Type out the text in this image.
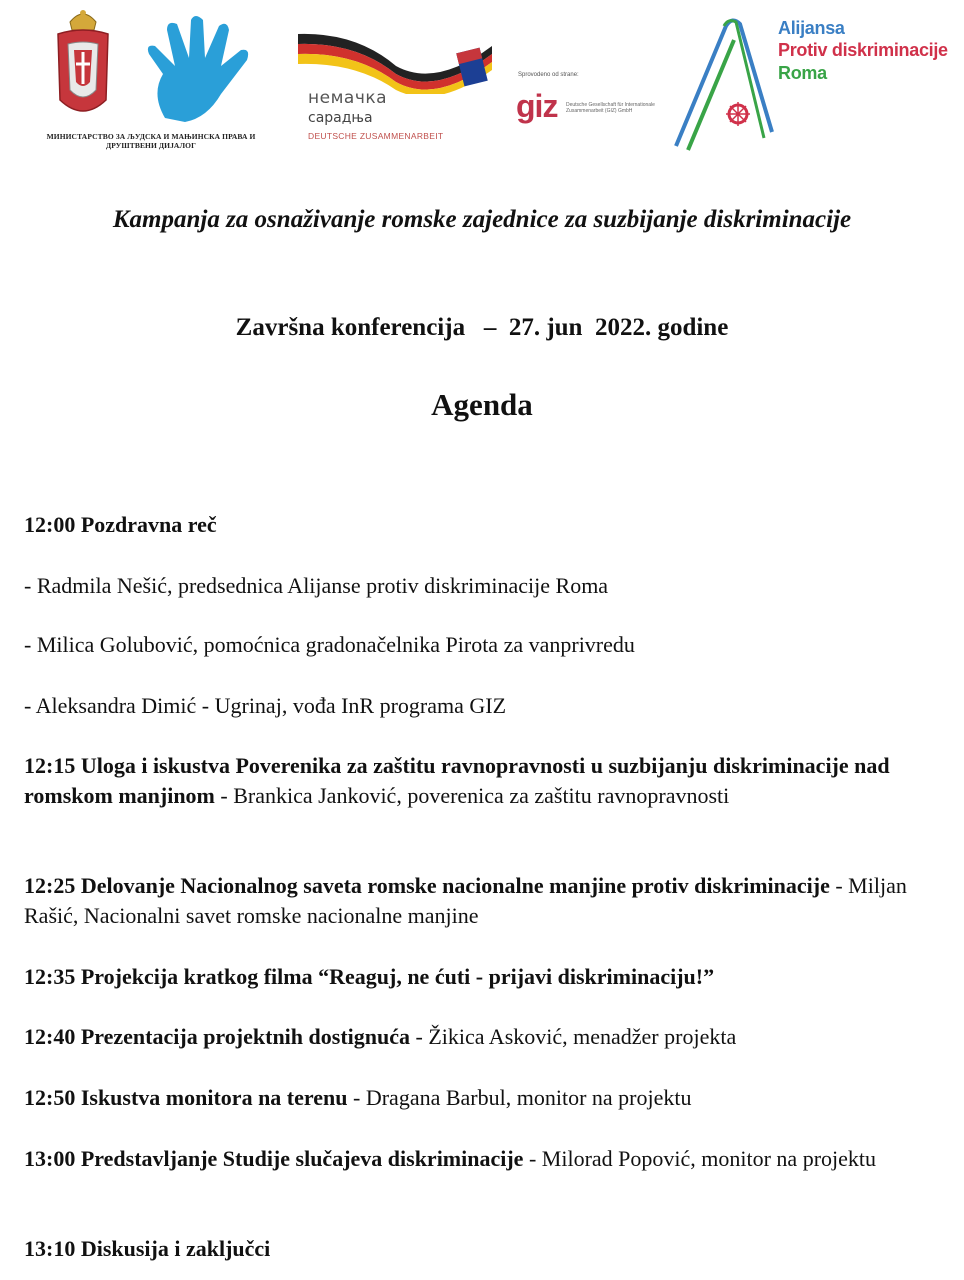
МИНИСТАРСТВО ЗА ЉУДСКА И МАЊИНСКА ПРАВА И ДРУШТВЕНИ ДИЈАЛОГ
немачка
сарадња
DEUTSCHE ZUSAMMENARBEIT
Sprovodeno od strane:
giz Deutsche Gesellschaft für Internationale Zusammenarbeit (GIZ) GmbH
Alijansa
Protiv diskriminacije
Roma
Kampanja za osnaživanje romske zajednice za suzbijanje diskriminacije
Završna konferencija   –  27. jun  2022. godine
Agenda

12:00 Pozdravna reč

- Radmila Nešić, predsednica Alijanse protiv diskriminacije Roma

- Milica Golubović, pomoćnica gradonačelnika Pirota za vanprivredu

- Aleksandra Dimić - Ugrinaj, vođa InR programa GIZ

12:15 Uloga i iskustva Poverenika za zaštitu ravnopravnosti u suzbijanju diskriminacije nad romskom manjinom - Brankica Janković, poverenica za zaštitu ravnopravnosti

12:25 Delovanje Nacionalnog saveta romske nacionalne manjine protiv diskriminacije - Miljan Rašić, Nacionalni savet romske nacionalne manjine

12:35 Projekcija kratkog filma “Reaguj, ne ćuti - prijavi diskriminaciju!”

12:40 Prezentacija projektnih dostignuća - Žikica Asković, menadžer projekta

12:50 Iskustva monitora na terenu - Dragana Barbul, monitor na projektu

13:00 Predstavljanje Studije slučajeva diskriminacije - Milorad Popović, monitor na projektu

13:10 Diskusija i zaključci
